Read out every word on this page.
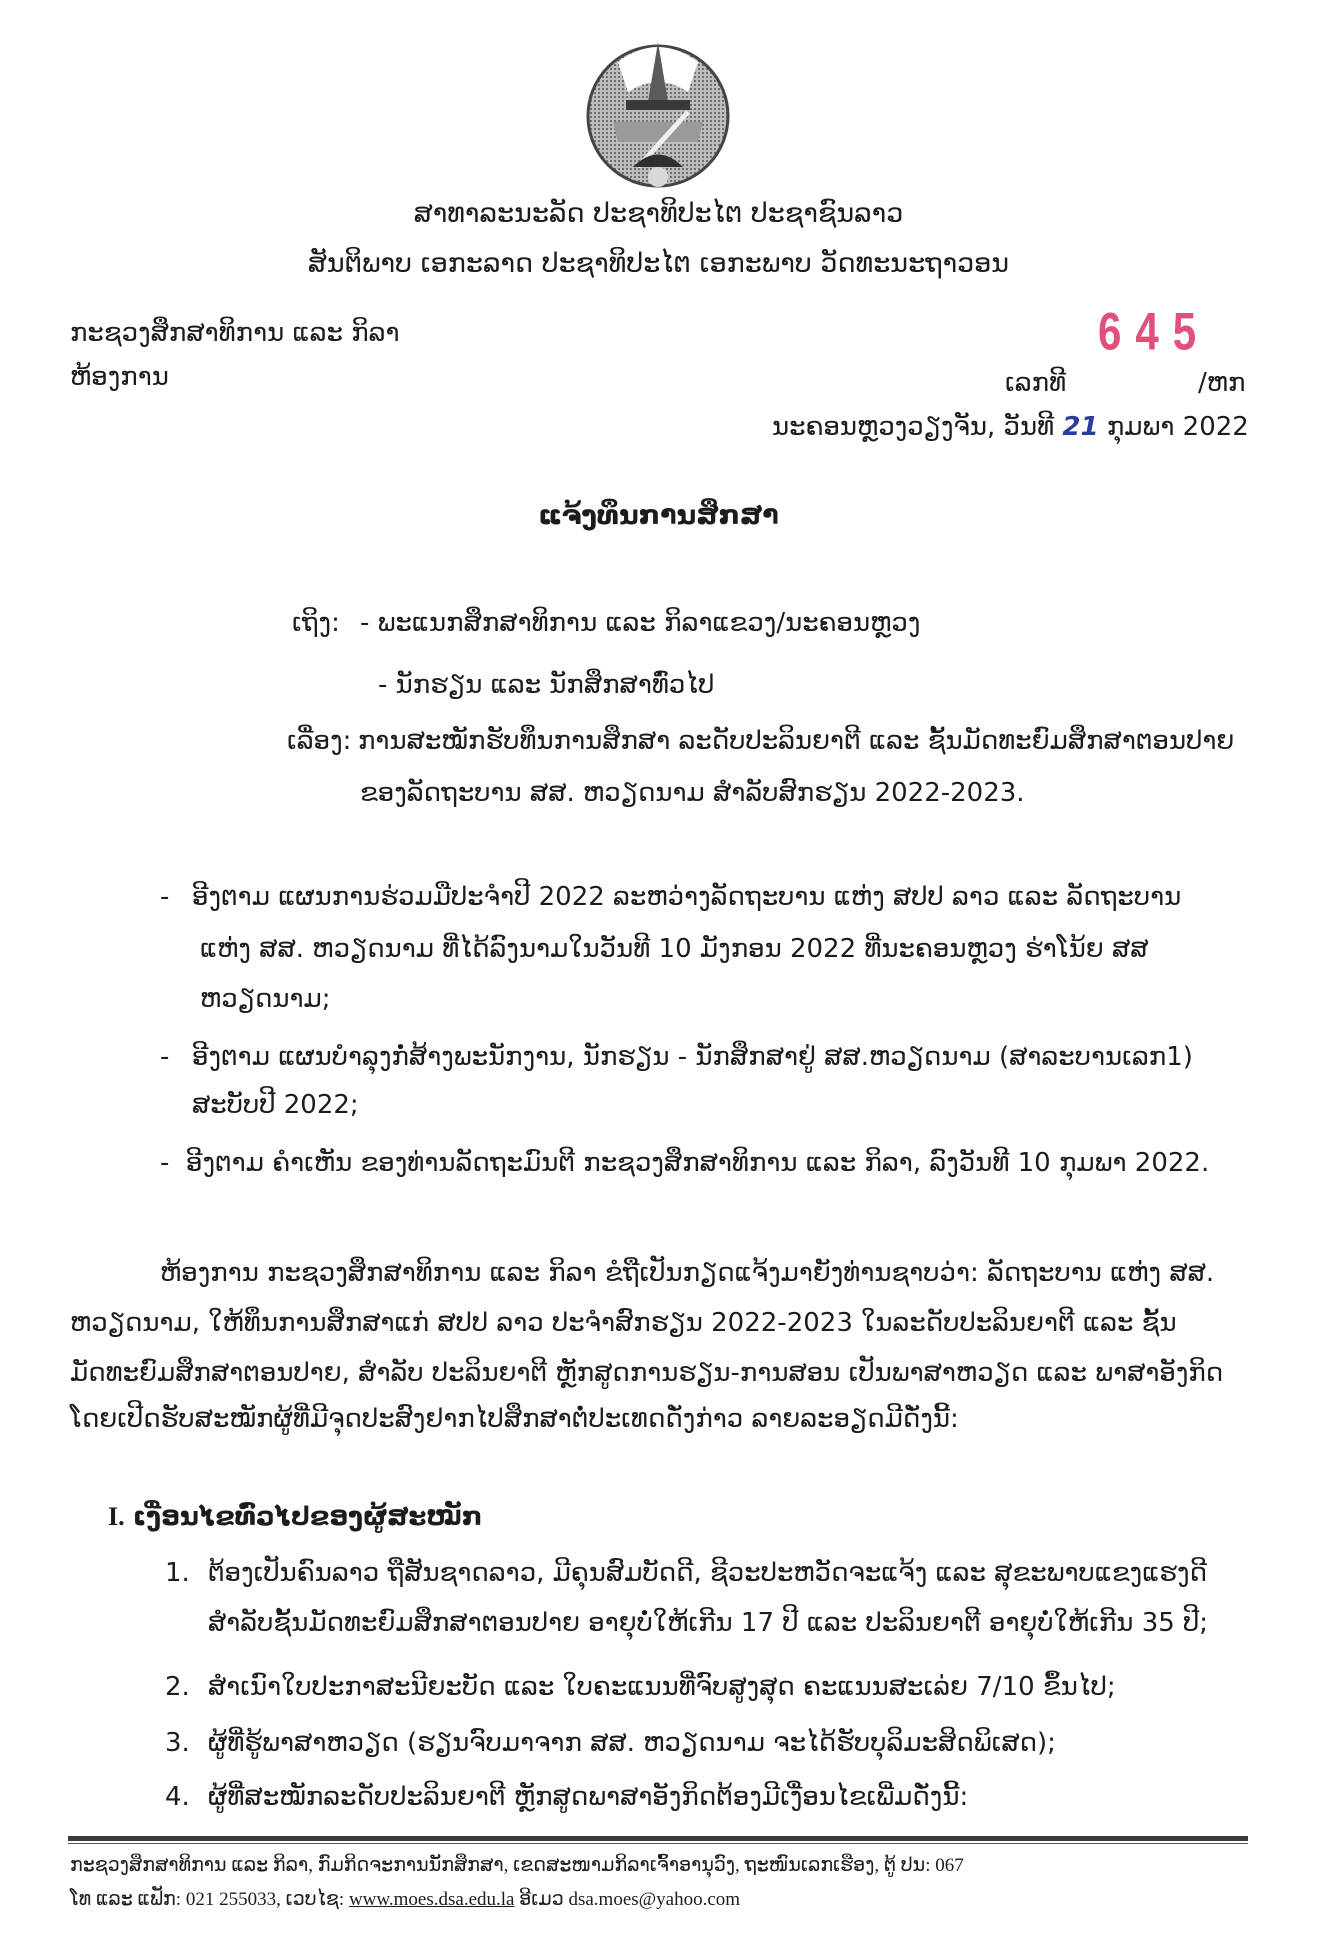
ສາທາລະນະລັດ ປະຊາທິປະໄຕ ປະຊາຊົນລາວ
ສັນຕິພາບ ເອກະລາດ ປະຊາທິປະໄຕ ເອກະພາບ ວັດທະນະຖາວອນ
ກະຊວງສຶກສາທິການ ແລະ ກິລາ
ຫ້ອງການ
645
ເລກທີ	/ຫກ
ນະຄອນຫຼວງວຽງຈັນ, ວັນທີ 21 ກຸມພາ 2022
ແຈ້ງທຶນການສຶກສາ
ເຖິງ: - ພະແນກສຶກສາທິການ ແລະ ກິລາແຂວງ/ນະຄອນຫຼວງ
- ນັກຮຽນ ແລະ ນັກສຶກສາທົ່ວໄປ
ເລື່ອງ: ການສະໝັກຮັບທຶນການສຶກສາ ລະດັບປະລິນຍາຕີ ແລະ ຊັ້ນມັດທະຍົມສຶກສາຕອນປາຍ
ຂອງລັດຖະບານ ສສ. ຫວຽດນາມ ສຳລັບສົກຮຽນ 2022-2023.
- ອີງຕາມ ແຜນການຮ່ວມມືປະຈຳປີ 2022 ລະຫວ່າງລັດຖະບານ ແຫ່ງ ສປປ ລາວ ແລະ ລັດຖະບານ
ແຫ່ງ ສສ. ຫວຽດນາມ ທີ່ໄດ້ລົງນາມໃນວັນທີ 10 ມັງກອນ 2022 ທີ່ນະຄອນຫຼວງ ຮ່າໂນ້ຍ ສສ
ຫວຽດນາມ;
- ອີງຕາມ ແຜນບຳລຸງກໍ່ສ້າງພະນັກງານ, ນັກຮຽນ - ນັກສຶກສາຢູ່ ສສ.ຫວຽດນາມ (ສາລະບານເລກ1)
ສະບັບປີ 2022;
- ອີງຕາມ ຄຳເຫັນ ຂອງທ່ານລັດຖະມົນຕີ ກະຊວງສຶກສາທິການ ແລະ ກິລາ, ລົງວັນທີ 10 ກຸມພາ 2022.
ຫ້ອງການ ກະຊວງສຶກສາທິການ ແລະ ກິລາ ຂໍຖືເປັນກຽດແຈ້ງມາຍັງທ່ານຊາບວ່າ: ລັດຖະບານ ແຫ່ງ ສສ.
ຫວຽດນາມ, ໃຫ້ທຶນການສຶກສາແກ່ ສປປ ລາວ ປະຈຳສົກຮຽນ 2022-2023 ໃນລະດັບປະລິນຍາຕີ ແລະ ຊັ້ນ
ມັດທະຍົມສຶກສາຕອນປາຍ, ສຳລັບ ປະລິນຍາຕີ ຫຼັກສູດການຮຽນ-ການສອນ ເປັນພາສາຫວຽດ ແລະ ພາສາອັງກິດ
ໂດຍເປີດຮັບສະໝັກຜູ້ທີ່ມີຈຸດປະສົງຢາກໄປສຶກສາຕໍ່ປະເທດດັ່ງກ່າວ ລາຍລະອຽດມີດັ່ງນີ້:
I. ເງື່ອນໄຂທົ່ວໄປຂອງຜູ້ສະໝັກ
1. ຕ້ອງເປັນຄົນລາວ ຖືສັນຊາດລາວ, ມີຄຸນສົມບັດດີ, ຊີວະປະຫວັດຈະແຈ້ງ ແລະ ສຸຂະພາບແຂງແຮງດີ
ສຳລັບຊັ້ນມັດທະຍົມສຶກສາຕອນປາຍ ອາຍຸບໍ່ໃຫ້ເກີນ 17 ປີ ແລະ ປະລິນຍາຕີ ອາຍຸບໍ່ໃຫ້ເກີນ 35 ປີ;
2. ສຳເນົາໃບປະກາສະນີຍະບັດ ແລະ ໃບຄະແນນທີ່ຈົບສູງສຸດ ຄະແນນສະເລ່ຍ 7/10 ຂຶ້ນໄປ;
3. ຜູ້ທີ່ຮູ້ພາສາຫວຽດ (ຮຽນຈົບມາຈາກ ສສ. ຫວຽດນາມ ຈະໄດ້ຮັບບຸລິມະສິດພິເສດ);
4. ຜູ້ທີ່ສະໝັກລະດັບປະລິນຍາຕີ ຫຼັກສູດພາສາອັງກິດຕ້ອງມີເງື່ອນໄຂເພີ່ມດັ່ງນີ້:
ກະຊວງສຶກສາທິການ ແລະ ກິລາ, ກົມກິດຈະການນັກສຶກສາ, ເຂດສະໜາມກິລາເຈົ້າອານຸວົງ, ຖະໜົນເລກເຮືອງ, ຕູ້ ປນ: 067
ໂທ ແລະ ແຟັກ: 021 255033, ເວບໄຊ: www.moes.dsa.edu.la ອີເມວ dsa.moes@yahoo.com
